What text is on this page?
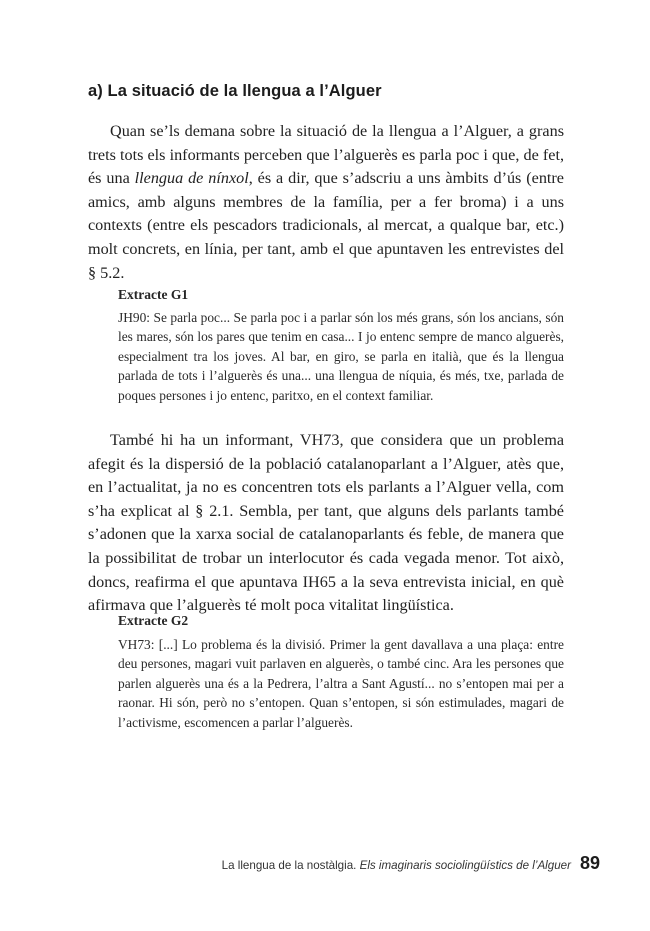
a) La situació de la llengua a l’Alguer

Quan se’ls demana sobre la situació de la llengua a l’Alguer, a grans trets tots els informants perceben que l’alguerès es parla poc i que, de fet, és una llengua de nínxol, és a dir, que s’adscriu a uns àmbits d’ús (entre amics, amb alguns membres de la família, per a fer broma) i a uns contexts (entre els pescadors tradicionals, al mercat, a qualque bar, etc.) molt concrets, en línia, per tant, amb el que apuntaven les entrevistes del § 5.2.

Extracte G1

JH90: Se parla poc... Se parla poc i a parlar són los més grans, són los ancians, són les mares, són los pares que tenim en casa... I jo entenc sempre de manco alguerès, especialment tra los joves. Al bar, en giro, se parla en italià, que és la llengua parlada de tots i l’alguerès és una... una llengua de níquia, és més, txe, parlada de poques persones i jo entenc, paritxo, en el context familiar.

També hi ha un informant, VH73, que considera que un problema afegit és la dispersió de la població catalanoparlant a l’Alguer, atès que, en l’actualitat, ja no es concentren tots els parlants a l’Alguer vella, com s’ha explicat al § 2.1. Sembla, per tant, que alguns dels parlants també s’adonen que la xarxa social de catalanoparlants és feble, de manera que la possibilitat de trobar un interlocutor és cada vegada menor. Tot això, doncs, reafirma el que apuntava IH65 a la seva entrevista inicial, en què afirmava que l’alguerès té molt poca vitalitat lingüística.

Extracte G2

VH73: [...] Lo problema és la divisió. Primer la gent davallava a una plaça: entre deu persones, magari vuit parlaven en alguerès, o també cinc. Ara les persones que parlen alguerès una és a la Pedrera, l’altra a Sant Agustí... no s’entopen mai per a raonar. Hi són, però no s’entopen. Quan s’entopen, si són estimulades, magari de l’activisme, escomencen a parlar l’alguerès.

La llengua de la nostàlgia. Els imaginaris sociolingüístics de l’Alguer 89
